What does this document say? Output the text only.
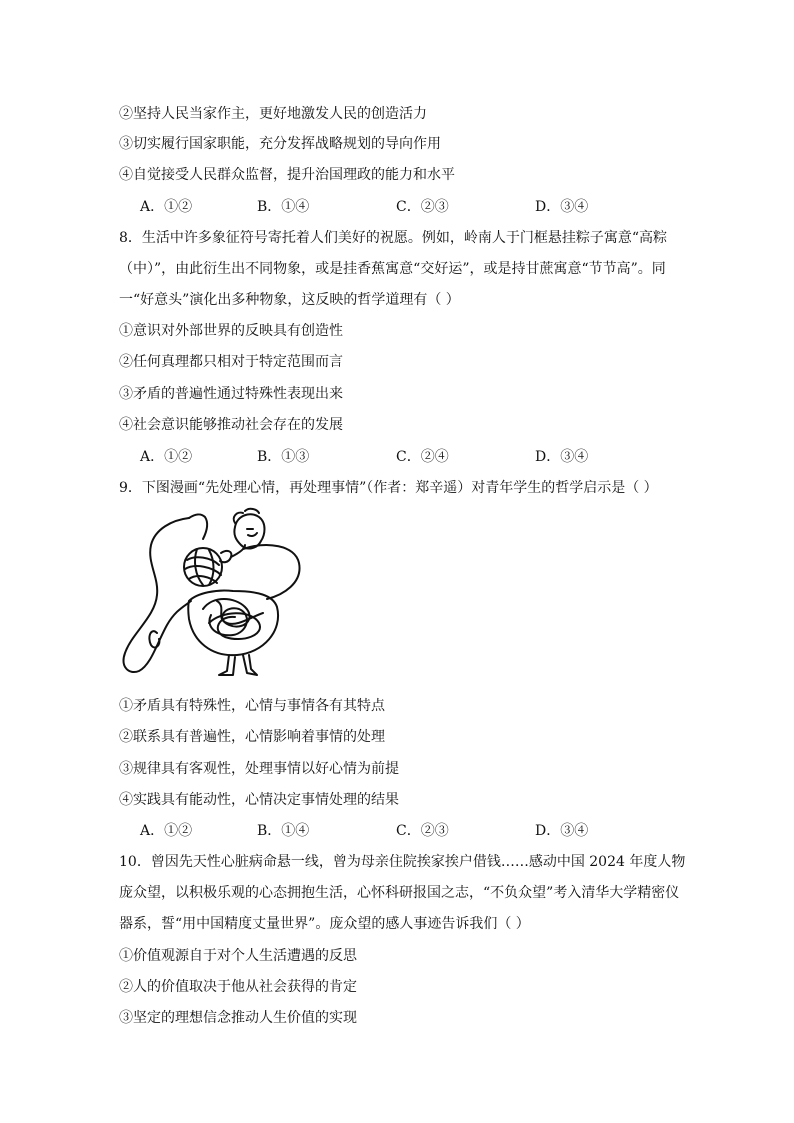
②坚持人民当家作主，更好地激发人民的创造活力
③切实履行国家职能，充分发挥战略规划的导向作用
④自觉接受人民群众监督，提升治国理政的能力和水平
A．①②	B．①④	C．②③	D．③④
8．生活中许多象征符号寄托着人们美好的祝愿。例如，岭南人于门框悬挂粽子寓意“高粽
（中）”，由此衍生出不同物象，或是挂香蕉寓意“交好运”，或是持甘蔗寓意“节节高”。同
一“好意头”演化出多种物象，这反映的哲学道理有（ ）
①意识对外部世界的反映具有创造性
②任何真理都只相对于特定范围而言
③矛盾的普遍性通过特殊性表现出来
④社会意识能够推动社会存在的发展
A．①②	B．①③	C．②④	D．③④
9．下图漫画“先处理心情，再处理事情”（作者：郑辛遥）对青年学生的哲学启示是（ ）
①矛盾具有特殊性，心情与事情各有其特点
②联系具有普遍性，心情影响着事情的处理
③规律具有客观性，处理事情以好心情为前提
④实践具有能动性，心情决定事情处理的结果
A．①②	B．①④	C．②③	D．③④
10．曾因先天性心脏病命悬一线，曾为母亲住院挨家挨户借钱……感动中国 2024 年度人物
庞众望，以积极乐观的心态拥抱生活，心怀科研报国之志，“不负众望”考入清华大学精密仪
器系，誓“用中国精度丈量世界”。庞众望的感人事迹告诉我们（ ）
①价值观源自于对个人生活遭遇的反思
②人的价值取决于他从社会获得的肯定
③坚定的理想信念推动人生价值的实现
